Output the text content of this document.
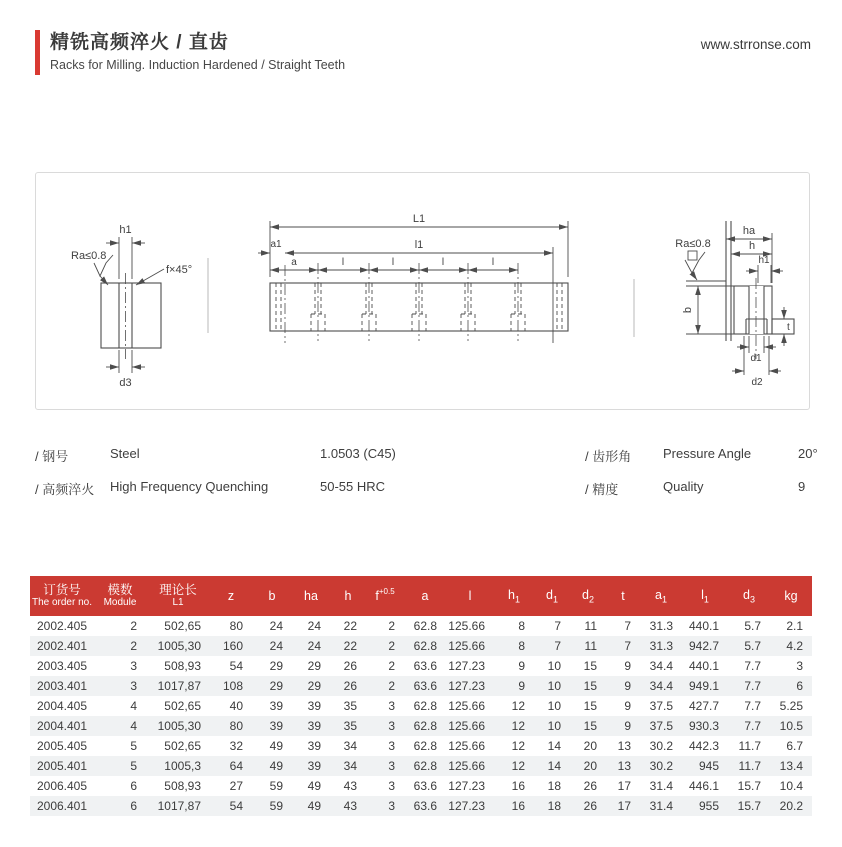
精铣高频淬火 / 直齿
Racks for Milling. Induction Hardened / Straight Teeth
www.strronse.com
h1
f×45°
Ra≤0.8
d3
L1
l1
a1
a	l	l	l	l
ha
h
h1
b
t
d1
d2
Ra≤0.8
/ 钢号	Steel	1.0503 (C45)
/ 高频淬火 High Frequency Quenching	50-55 HRC
/ 齿形角 Pressure Angle	20°
/ 精度	Quality	9
订货号
The order no.

模数
Module

理论长
L1
	z	b	ha	h	$f^{+0.5}$	a	l	$h_1$	$d_1$	$d_2$	t	$a_1$	$l_1$	$d_3$	kg
2002.405	2	502,65	80	24	24	22	2	62.8	125.66	8	7	11	7	31.3	440.1	5.7	2.1
2002.401	2	1005,30	160	24	24	22	2	62.8	125.66	8	7	11	7	31.3	942.7	5.7	4.2
2003.405	3	508,93	54	29	29	26	2	63.6	127.23	9	10	15	9	34.4	440.1	7.7	3
2003.401	3	1017,87	108	29	29	26	2	63.6	127.23	9	10	15	9	34.4	949.1	7.7	6
2004.405	4	502,65	40	39	39	35	3	62.8	125.66	12	10	15	9	37.5	427.7	7.7	5.25
2004.401	4	1005,30	80	39	39	35	3	62.8	125.66	12	10	15	9	37.5	930.3	7.7	10.5
2005.405	5	502,65	32	49	39	34	3	62.8	125.66	12	14	20	13	30.2	442.3	11.7	6.7
2005.401	5	1005,3	64	49	39	34	3	62.8	125.66	12	14	20	13	30.2	945	11.7	13.4
2006.405	6	508,93	27	59	49	43	3	63.6	127.23	16	18	26	17	31.4	446.1	15.7	10.4
2006.401	6	1017,87	54	59	49	43	3	63.6	127.23	16	18	26	17	31.4	955	15.7	20.2
